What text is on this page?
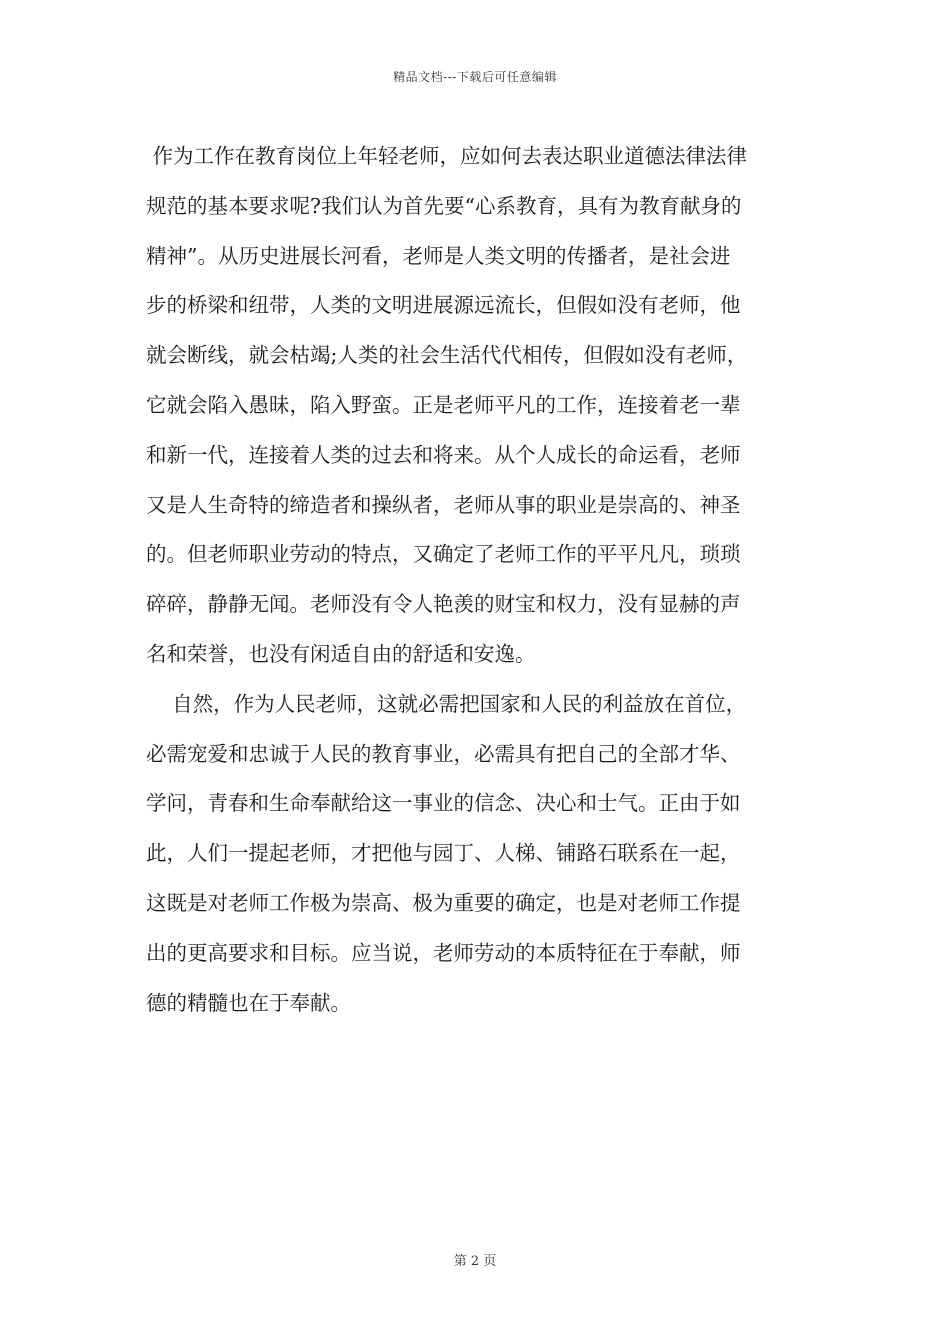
精品文档---下载后可任意编辑
作为工作在教育岗位上年轻老师，应如何去表达职业道德法律法律
规范的基本要求呢?我们认为首先要“心系教育，具有为教育献身的
精神”。从历史进展长河看，老师是人类文明的传播者，是社会进
步的桥梁和纽带，人类的文明进展源远流长，但假如没有老师，他
就会断线，就会枯竭;人类的社会生活代代相传，但假如没有老师，
它就会陷入愚昧，陷入野蛮。正是老师平凡的工作，连接着老一辈
和新一代，连接着人类的过去和将来。从个人成长的命运看，老师
又是人生奇特的缔造者和操纵者，老师从事的职业是崇高的、神圣
的。但老师职业劳动的特点，又确定了老师工作的平平凡凡，琐琐
碎碎，静静无闻。老师没有令人艳羡的财宝和权力，没有显赫的声
名和荣誉，也没有闲适自由的舒适和安逸。
自然，作为人民老师，这就必需把国家和人民的利益放在首位，
必需宠爱和忠诚于人民的教育事业，必需具有把自己的全部才华、
学问，青春和生命奉献给这一事业的信念、决心和士气。正由于如
此，人们一提起老师，才把他与园丁、人梯、铺路石联系在一起，
这既是对老师工作极为崇高、极为重要的确定，也是对老师工作提
出的更高要求和目标。应当说，老师劳动的本质特征在于奉献，师
德的精髓也在于奉献。
第 2 页
